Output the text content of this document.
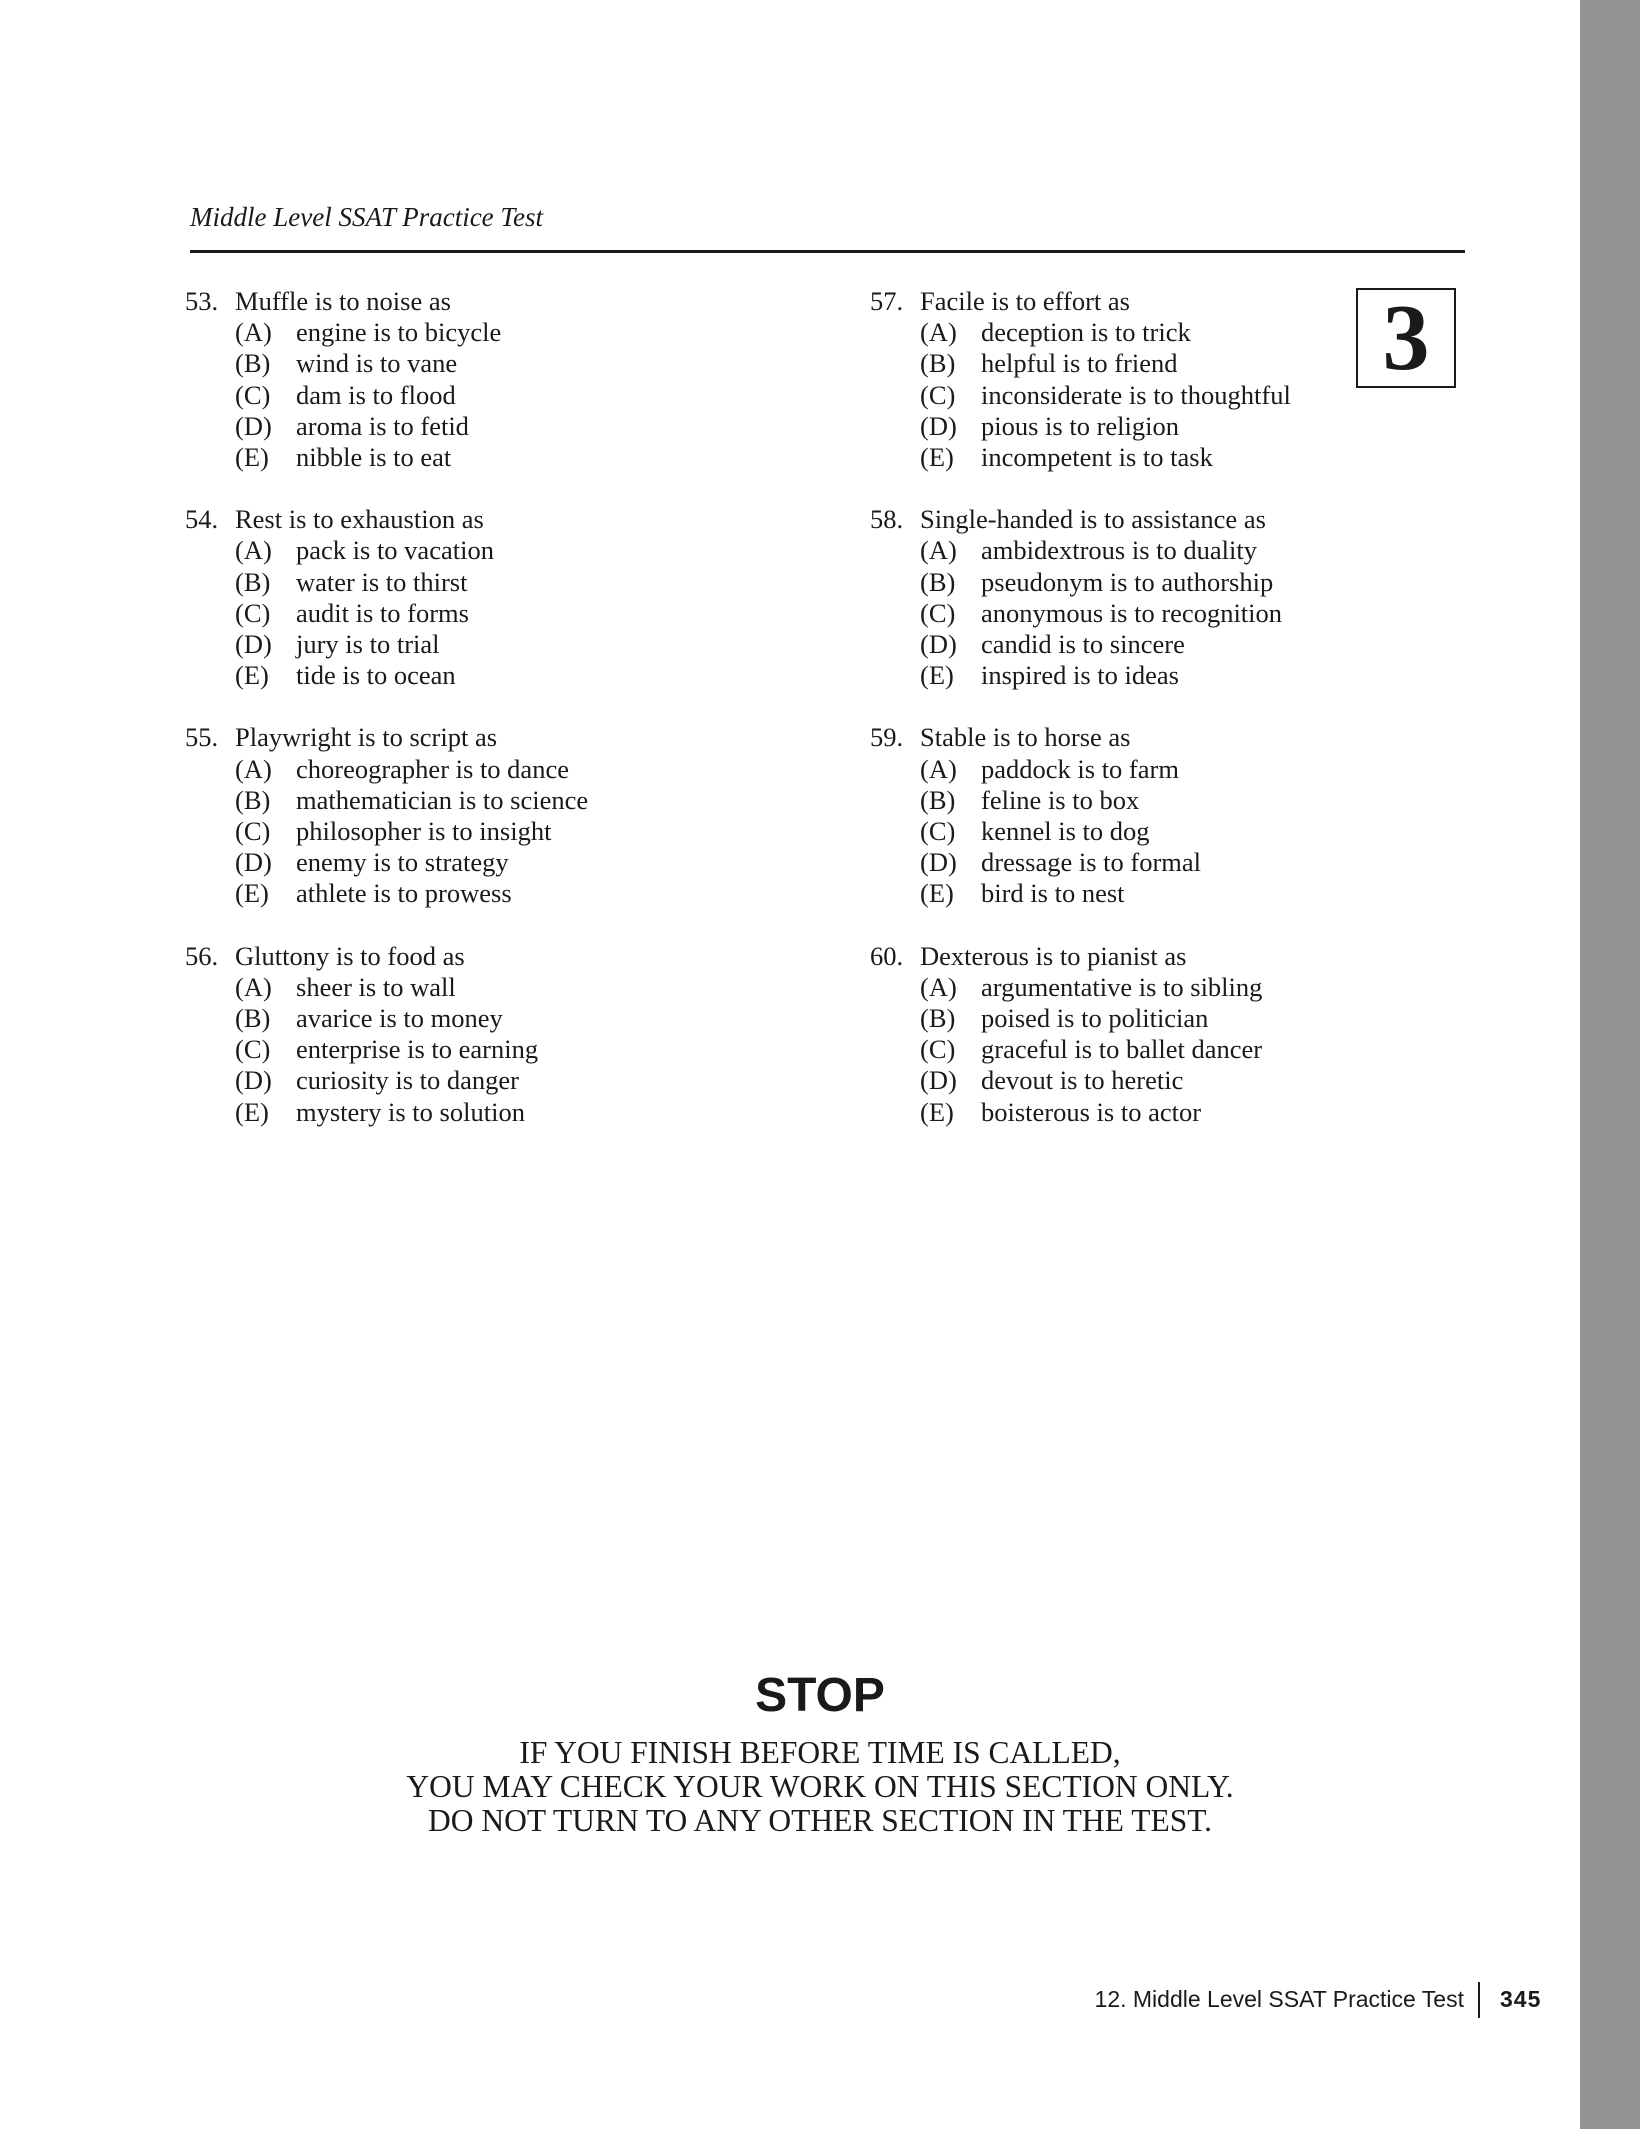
Middle Level SSAT Practice Test
3
53. Muffle is to noise as
(A) engine is to bicycle
(B) wind is to vane
(C) dam is to flood
(D) aroma is to fetid
(E)	nibble is to eat
54. Rest is to exhaustion as
(A) pack is to vacation
(B) water is to thirst
(C) audit is to forms
(D) jury is to trial
(E)	tide is to ocean
55. Playwright is to script as
(A) choreographer is to dance
(B) mathematician is to science
(C) philosopher is to insight
(D) enemy is to strategy
(E)	athlete is to prowess
56. Gluttony is to food as
(A) sheer is to wall
(B) avarice is to money
(C) enterprise is to earning
(D) curiosity is to danger
(E)	mystery is to solution
57. Facile is to effort as
(A) deception is to trick
(B) helpful is to friend
(C) inconsiderate is to thoughtful
(D) pious is to religion
(E)	incompetent is to task
58. Single-handed is to assistance as
(A) ambidextrous is to duality
(B) pseudonym is to authorship
(C) anonymous is to recognition
(D) candid is to sincere
(E)	inspired is to ideas
59. Stable is to horse as
(A) paddock is to farm
(B) feline is to box
(C) kennel is to dog
(D) dressage is to formal
(E)	bird is to nest
60. Dexterous is to pianist as
(A) argumentative is to sibling
(B) poised is to politician
(C) graceful is to ballet dancer
(D) devout is to heretic
(E)	boisterous is to actor
STOP
IF YOU FINISH BEFORE TIME IS CALLED,
YOU MAY CHECK YOUR WORK ON THIS SECTION ONLY.
DO NOT TURN TO ANY OTHER SECTION IN THE TEST.
12. Middle Level SSAT Practice Test 345
